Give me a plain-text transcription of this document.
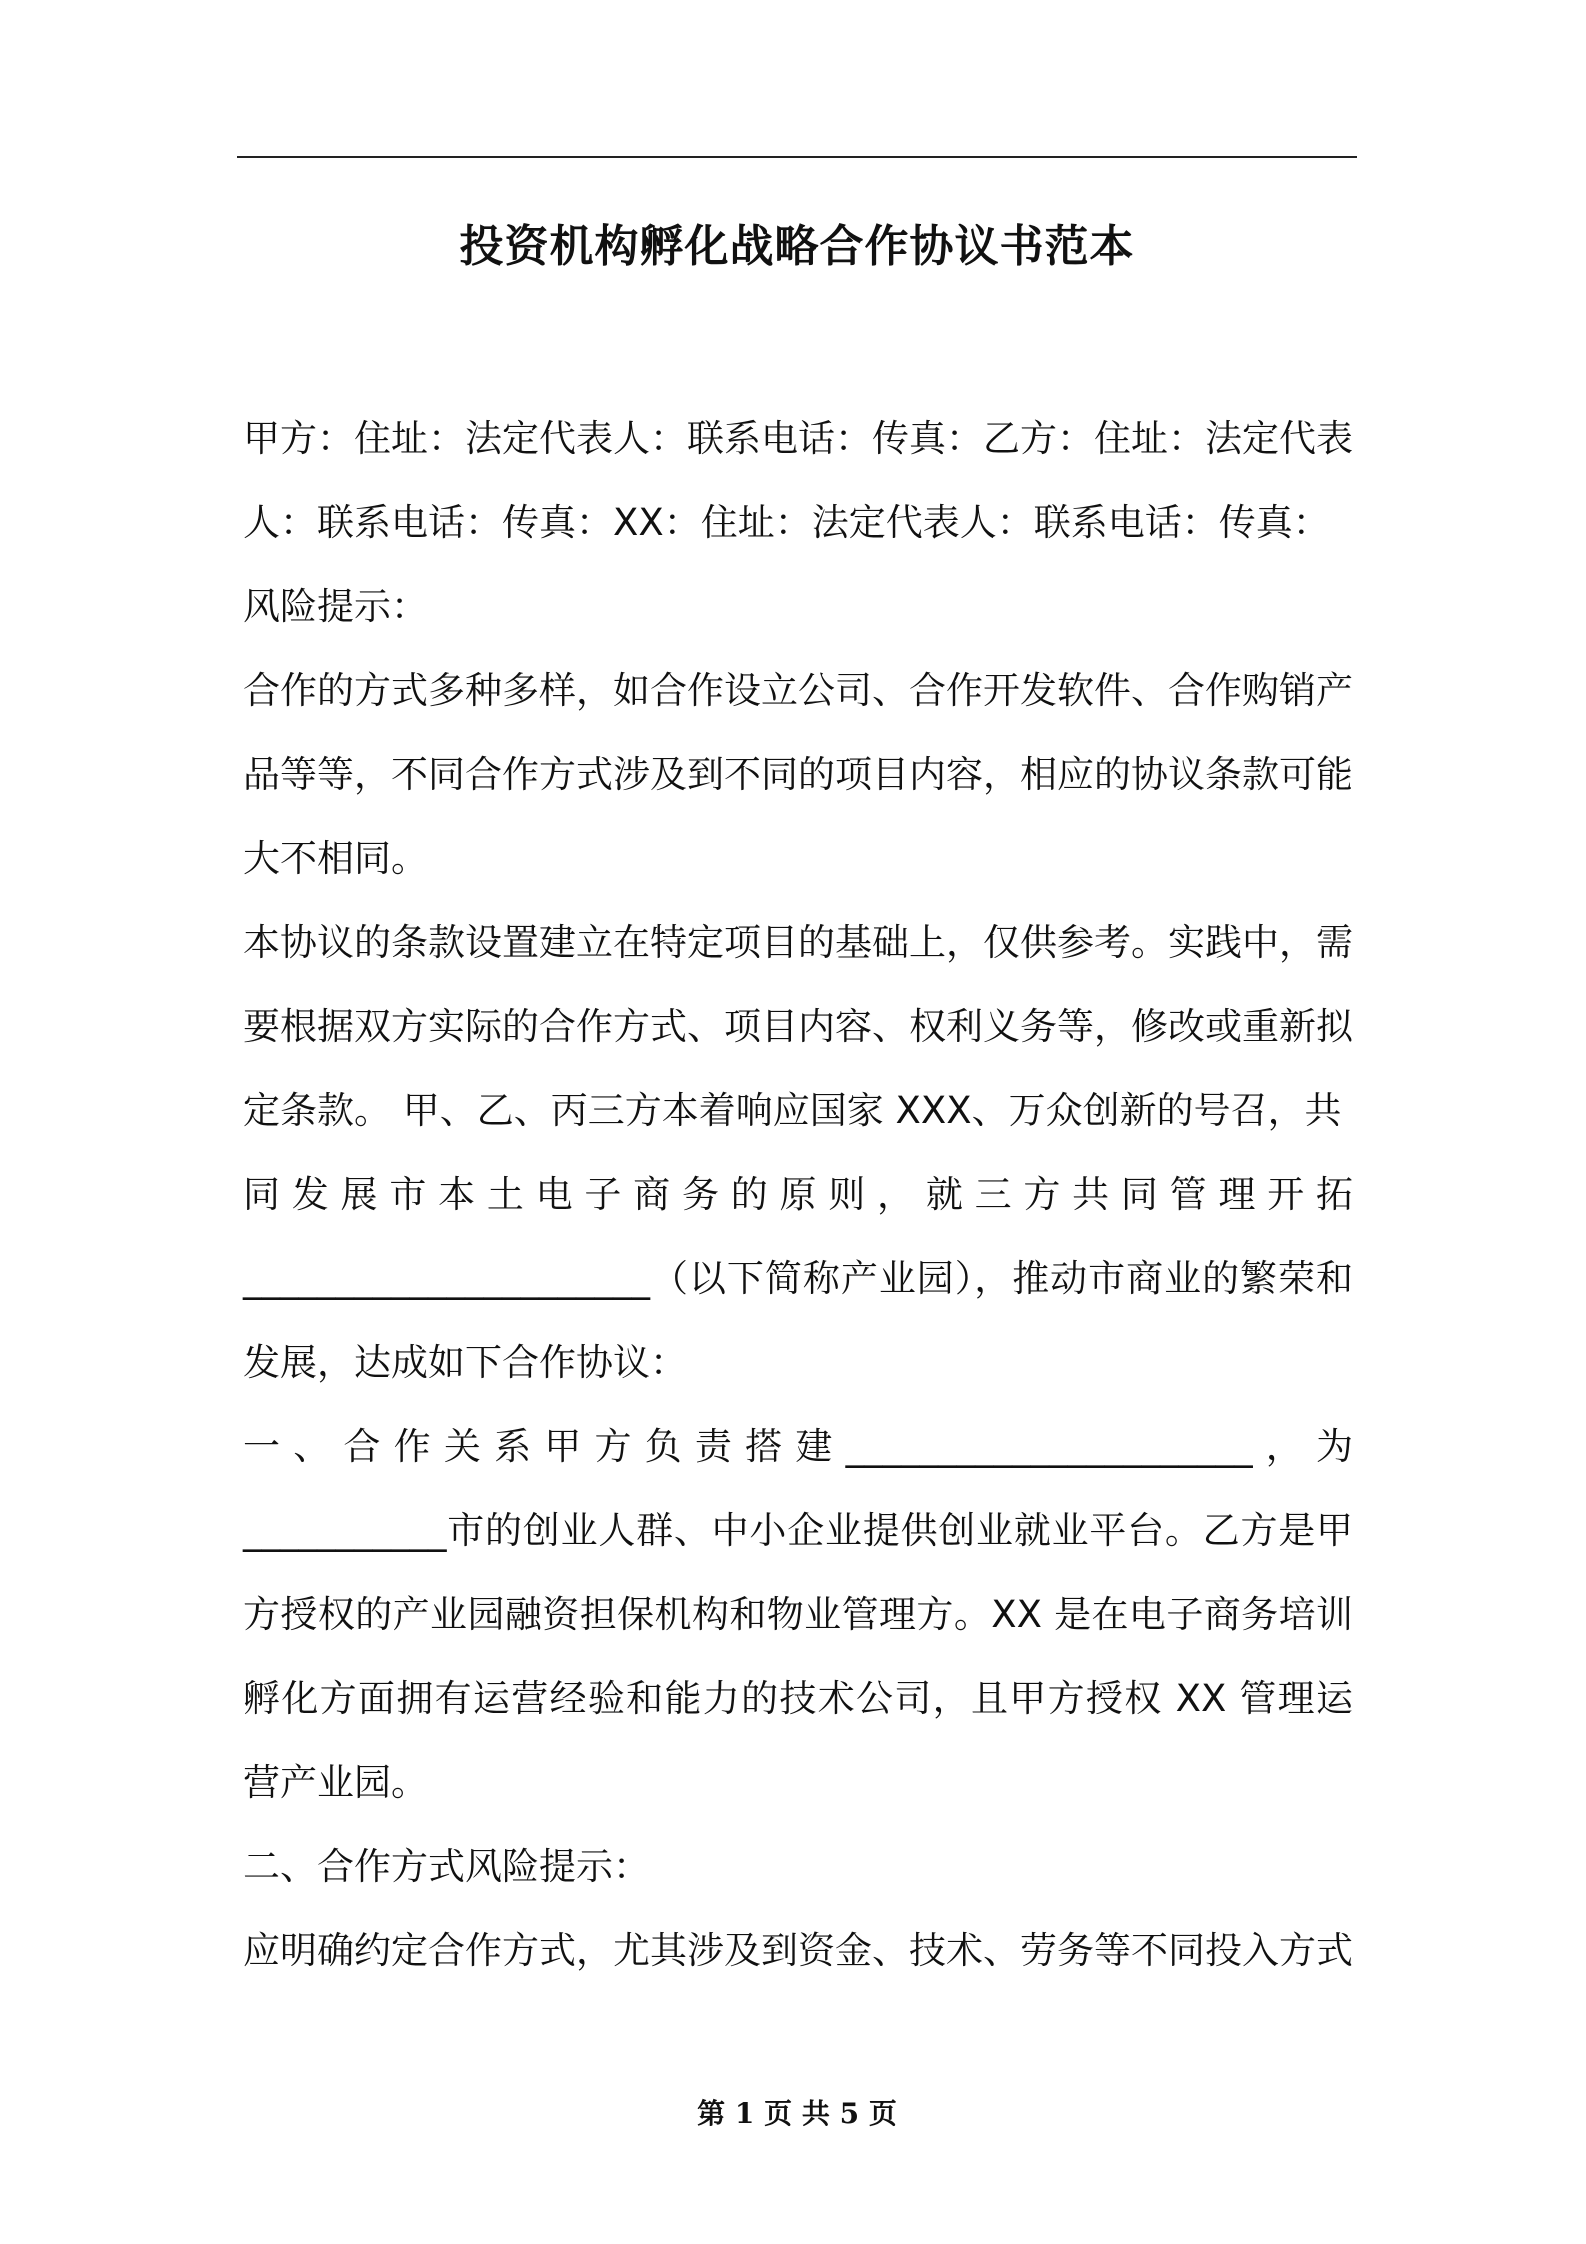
投资机构孵化战略合作协议书范本

甲方：住址：法定代表人：联系电话：传真：乙方：住址：法定代表人：联系电话：传真：XX：住址：法定代表人：联系电话：传真：

风险提示：

合作的方式多种多样，如合作设立公司、合作开发软件、合作购销产品等等，不同合作方式涉及到不同的项目内容，相应的协议条款可能大不相同。

本协议的条款设置建立在特定项目的基础上，仅供参考。实践中，需要根据双方实际的合作方式、项目内容、权利义务等，修改或重新拟定条款。 甲、乙、丙三方本着响应国家 XXX、万众创新的号召，共

同发展市本土电子商务的原则，就三方共同管理开拓

______________________（以下简称产业园），推动市商业的繁荣和发展，达成如下合作协议：

一、合作关系甲方负责搭建______________________，为

___________市的创业人群、中小企业提供创业就业平台。乙方是甲方授权的产业园融资担保机构和物业管理方。XX 是在电子商务培训孵化方面拥有运营经验和能力的技术公司，且甲方授权 XX 管理运营产业园。

二、合作方式风险提示：

应明确约定合作方式，尤其涉及到资金、技术、劳务等不同投入方式

第 1 页 共 5 页
